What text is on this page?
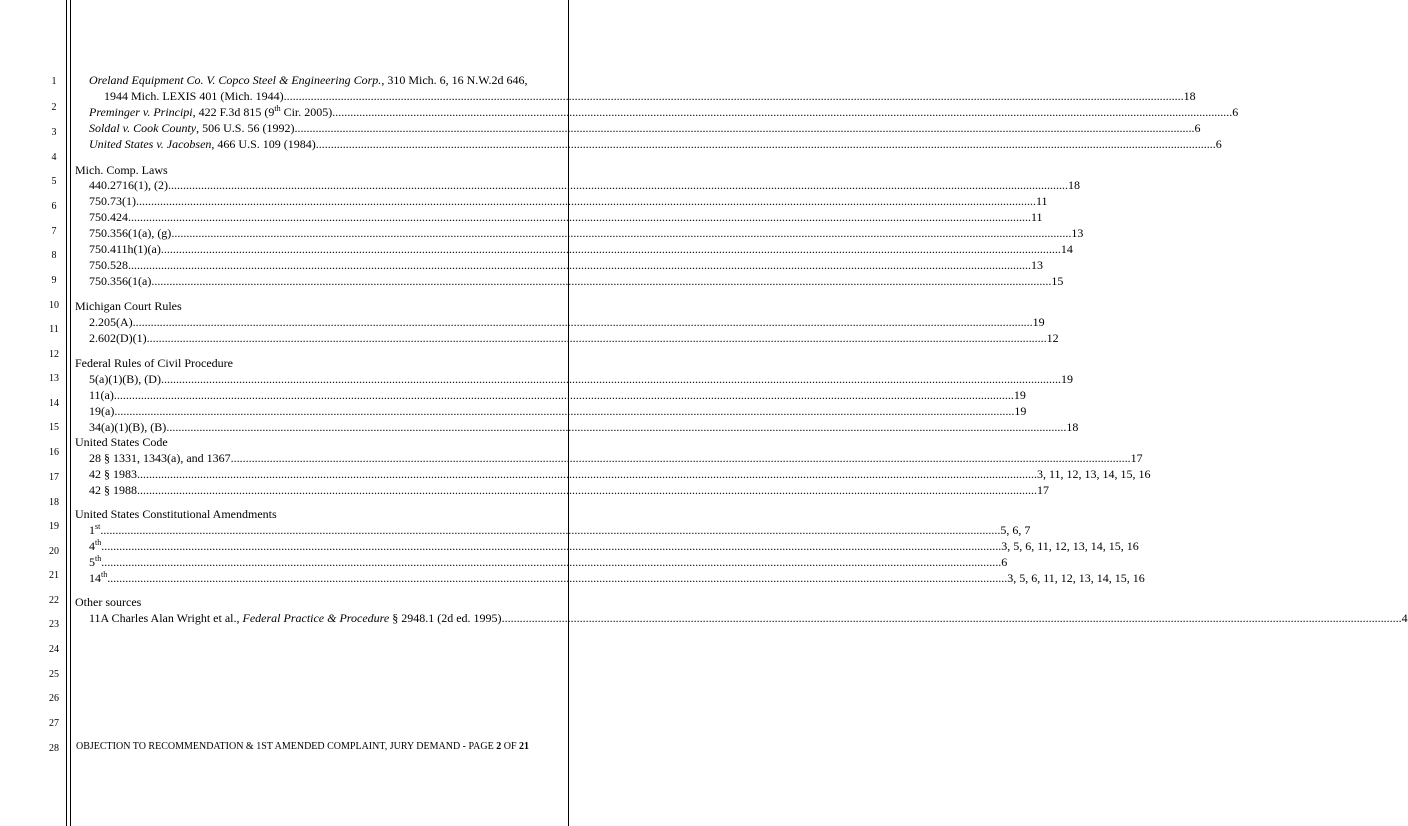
1
2
3
4
5
6
7
8
9
10
11
12
13
14
15
16
17
18
19
20
21
22
23
24
25
26
27
28
Oreland Equipment Co. V. Copco Steel & Engineering Corp., 310 Mich. 6, 16 N.W.2d 646,
1944 Mich. LEXIS 401 (Mich. 1944) ............................................................................................................................................................................................................................................................................................................ 18
Preminger v. Principi, 422 F.3d 815 (9th Cir. 2005) ............................................................................................................................................................................................................................................................................................................ 6
Soldal v. Cook County, 506 U.S. 56 (1992) ............................................................................................................................................................................................................................................................................................................ 6
United States v. Jacobsen, 466 U.S. 109 (1984) ............................................................................................................................................................................................................................................................................................................ 6
Mich. Comp. Laws
440.2716(1), (2) ............................................................................................................................................................................................................................................................................................................ 18
750.73(1) ............................................................................................................................................................................................................................................................................................................ 11
750.424. ............................................................................................................................................................................................................................................................................................................ 11
750.356(1(a), (g) ............................................................................................................................................................................................................................................................................................................ 13
750.411h(1)(a) ............................................................................................................................................................................................................................................................................................................ 14
750.528. ............................................................................................................................................................................................................................................................................................................ 13
750.356(1(a) ............................................................................................................................................................................................................................................................................................................ 15
Michigan Court Rules
2.205(A) ............................................................................................................................................................................................................................................................................................................ 19
2.602(D)(1) ............................................................................................................................................................................................................................................................................................................ 12
Federal Rules of Civil Procedure
5(a)(1)(B), (D) ............................................................................................................................................................................................................................................................................................................ 19
11(a) ............................................................................................................................................................................................................................................................................................................ 19
19(a) ............................................................................................................................................................................................................................................................................................................ 19
34(a)(1)(B), (B) ............................................................................................................................................................................................................................................................................................................ 18
United States Code
28 § 1331, 1343(a), and 1367 ............................................................................................................................................................................................................................................................................................................ 17
42 § 1983 ............................................................................................................................................................................................................................................................................................................ 3, 11, 12, 13, 14, 15, 16
42 § 1988 ............................................................................................................................................................................................................................................................................................................ 17
United States Constitutional Amendments
1st ............................................................................................................................................................................................................................................................................................................ 5, 6, 7
4th ............................................................................................................................................................................................................................................................................................................ 3, 5, 6, 11, 12, 13, 14, 15, 16
5th ............................................................................................................................................................................................................................................................................................................ 6
14th ............................................................................................................................................................................................................................................................................................................ 3, 5, 6, 11, 12, 13, 14, 15, 16
Other sources
11A Charles Alan Wright et al., Federal Practice & Procedure § 2948.1 (2d ed. 1995) ............................................................................................................................................................................................................................................................................................................ 4
OBJECTION TO RECOMMENDATION & 1ST AMENDED COMPLAINT, JURY DEMAND - PAGE 2 OF 21
